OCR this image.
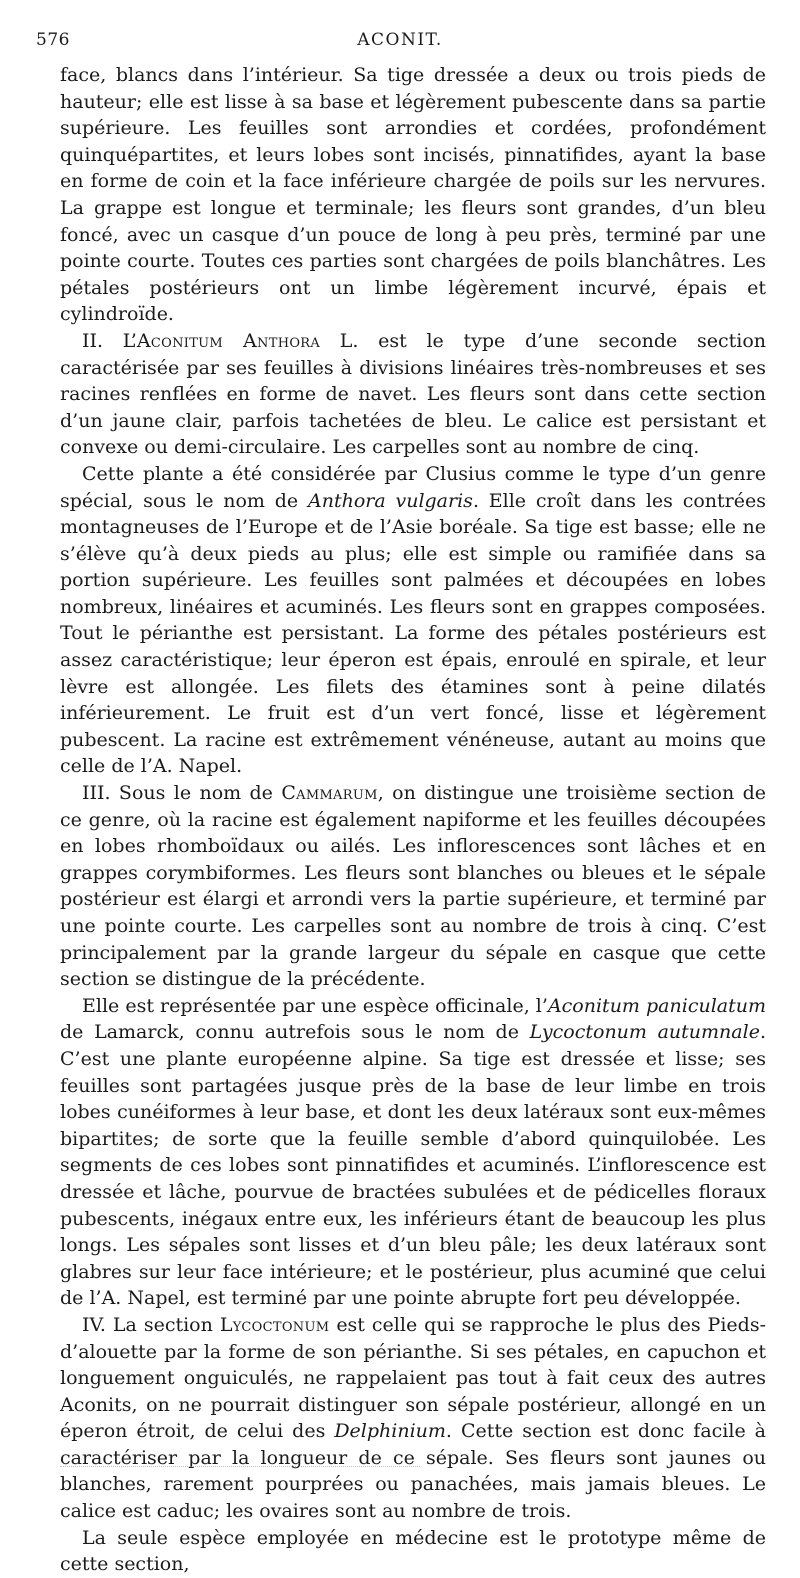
576	ACONIT.

face, blancs dans l’intérieur. Sa tige dressée a deux ou trois pieds de hauteur; elle est lisse à sa base et légèrement pubescente dans sa partie supérieure. Les feuilles sont arrondies et cordées, profondément quinquépartites, et leurs lobes sont incisés, pinnatifides, ayant la base en forme de coin et la face inférieure chargée de poils sur les nervures. La grappe est longue et terminale; les fleurs sont grandes, d’un bleu foncé, avec un casque d’un pouce de long à peu près, terminé par une pointe courte. Toutes ces parties sont chargées de poils blanchâtres. Les pétales postérieurs ont un limbe légèrement incurvé, épais et cylindroïde.

II. L’Aconitum Anthora L. est le type d’une seconde section caractérisée par ses feuilles à divisions linéaires très-nombreuses et ses racines renflées en forme de navet. Les fleurs sont dans cette section d’un jaune clair, parfois tachetées de bleu. Le calice est persistant et convexe ou demi-circulaire. Les carpelles sont au nombre de cinq.

Cette plante a été considérée par Clusius comme le type d’un genre spécial, sous le nom de Anthora vulgaris. Elle croît dans les contrées montagneuses de l’Europe et de l’Asie boréale. Sa tige est basse; elle ne s’élève qu’à deux pieds au plus; elle est simple ou ramifiée dans sa portion supérieure. Les feuilles sont palmées et découpées en lobes nombreux, linéaires et acuminés. Les fleurs sont en grappes composées. Tout le périanthe est persistant. La forme des pétales postérieurs est assez caractéristique; leur éperon est épais, enroulé en spirale, et leur lèvre est allongée. Les filets des étamines sont à peine dilatés inférieurement. Le fruit est d’un vert foncé, lisse et légèrement pubescent. La racine est extrêmement vénéneuse, autant au moins que celle de l’A. Napel.

III. Sous le nom de Cammarum, on distingue une troisième section de ce genre, où la racine est également napiforme et les feuilles découpées en lobes rhomboïdaux ou ailés. Les inflorescences sont lâches et en grappes corymbiformes. Les fleurs sont blanches ou bleues et le sépale postérieur est élargi et arrondi vers la partie supérieure, et terminé par une pointe courte. Les carpelles sont au nombre de trois à cinq. C’est principalement par la grande largeur du sépale en casque que cette section se distingue de la précédente.

Elle est représentée par une espèce officinale, l’Aconitum paniculatum de Lamarck, connu autrefois sous le nom de Lycoctonum autumnale. C’est une plante européenne alpine. Sa tige est dressée et lisse; ses feuilles sont partagées jusque près de la base de leur limbe en trois lobes cunéiformes à leur base, et dont les deux latéraux sont eux-mêmes bipartites; de sorte que la feuille semble d’abord quinquilobée. Les segments de ces lobes sont pinnatifides et acuminés. L’inflorescence est dressée et lâche, pourvue de bractées subulées et de pédicelles floraux pubescents, inégaux entre eux, les inférieurs étant de beaucoup les plus longs. Les sépales sont lisses et d’un bleu pâle; les deux latéraux sont glabres sur leur face intérieure; et le postérieur, plus acuminé que celui de l’A. Napel, est terminé par une pointe abrupte fort peu développée.

IV. La section Lycoctonum est celle qui se rapproche le plus des Pieds-d’alouette par la forme de son périanthe. Si ses pétales, en capuchon et longuement onguiculés, ne rappelaient pas tout à fait ceux des autres Aconits, on ne pourrait distinguer son sépale postérieur, allongé en un éperon étroit, de celui des Delphinium. Cette section est donc facile à caractériser par la longueur de ce sépale. Ses fleurs sont jaunes ou blanches, rarement pourprées ou panachées, mais jamais bleues. Le calice est caduc; les ovaires sont au nombre de trois.

La seule espèce employée en médecine est le prototype même de cette section,
